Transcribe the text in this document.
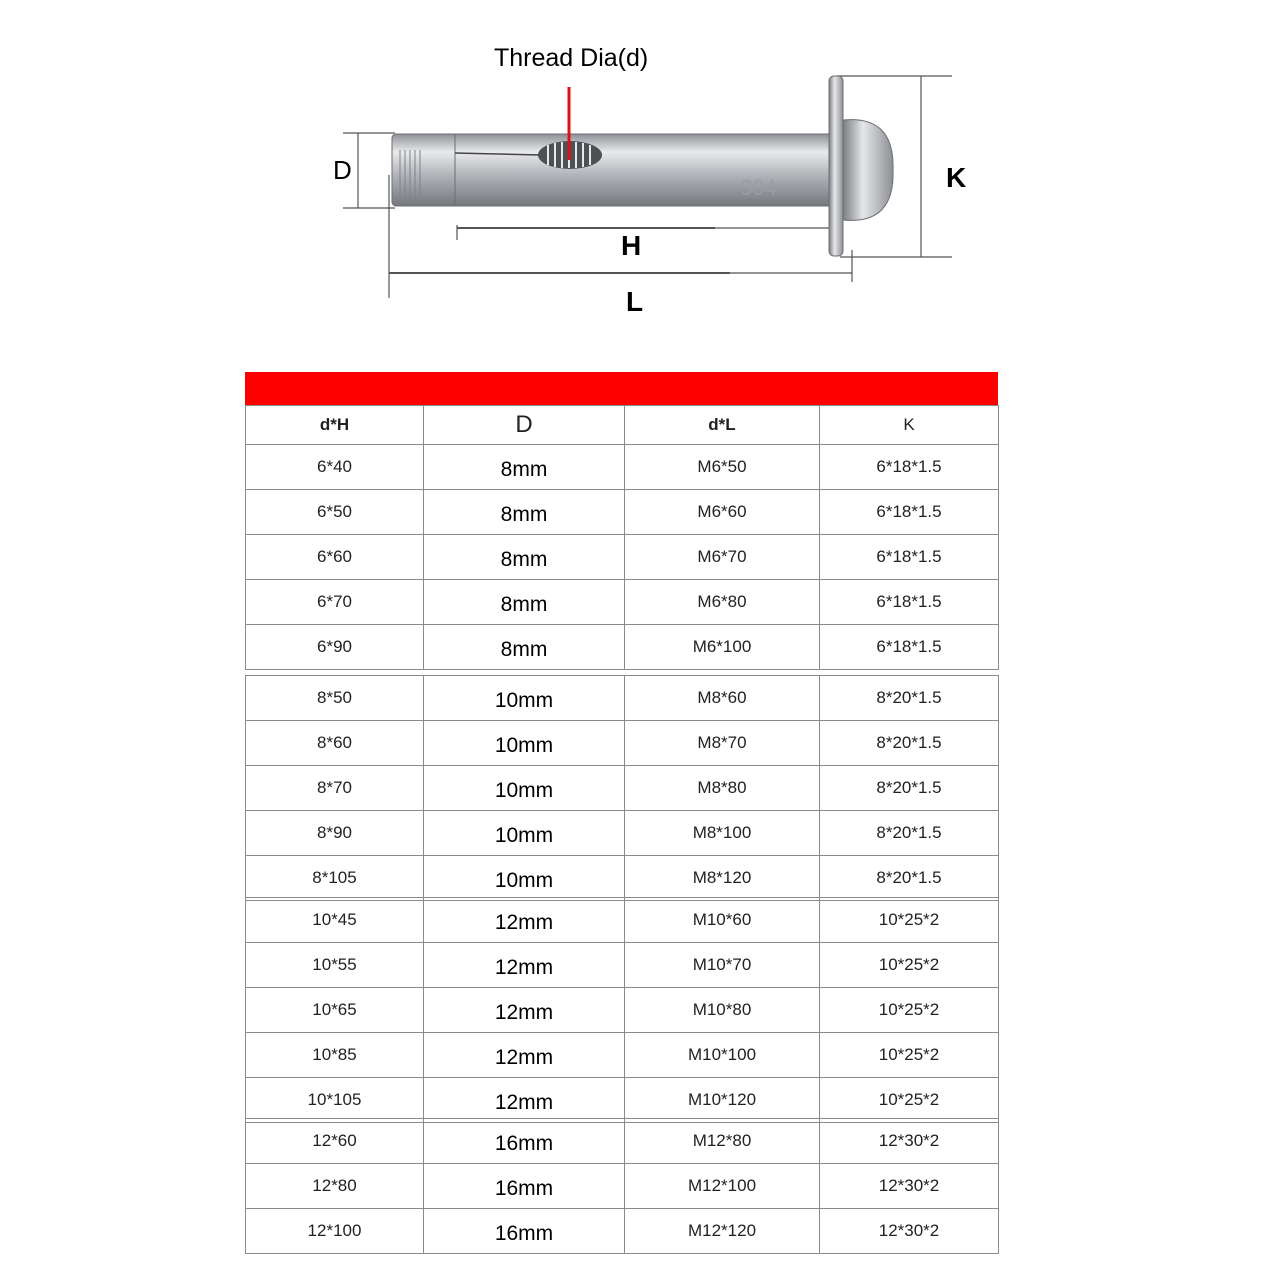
304
Thread Dia(d)
D
H
L
K
d*H	D	d*L	K
6*40	8mm	M6*50	6*18*1.5
6*50	8mm	M6*60	6*18*1.5
6*60	8mm	M6*70	6*18*1.5
6*70	8mm	M6*80	6*18*1.5
6*90	8mm	M6*100	6*18*1.5
8*50	10mm	M8*60	8*20*1.5
8*60	10mm	M8*70	8*20*1.5
8*70	10mm	M8*80	8*20*1.5
8*90	10mm	M8*100	8*20*1.5
8*105	10mm	M8*120	8*20*1.5
10*45	12mm	M10*60	10*25*2
10*55	12mm	M10*70	10*25*2
10*65	12mm	M10*80	10*25*2
10*85	12mm	M10*100	10*25*2
10*105	12mm	M10*120	10*25*2
12*60	16mm	M12*80	12*30*2
12*80	16mm	M12*100	12*30*2
12*100	16mm	M12*120	12*30*2
